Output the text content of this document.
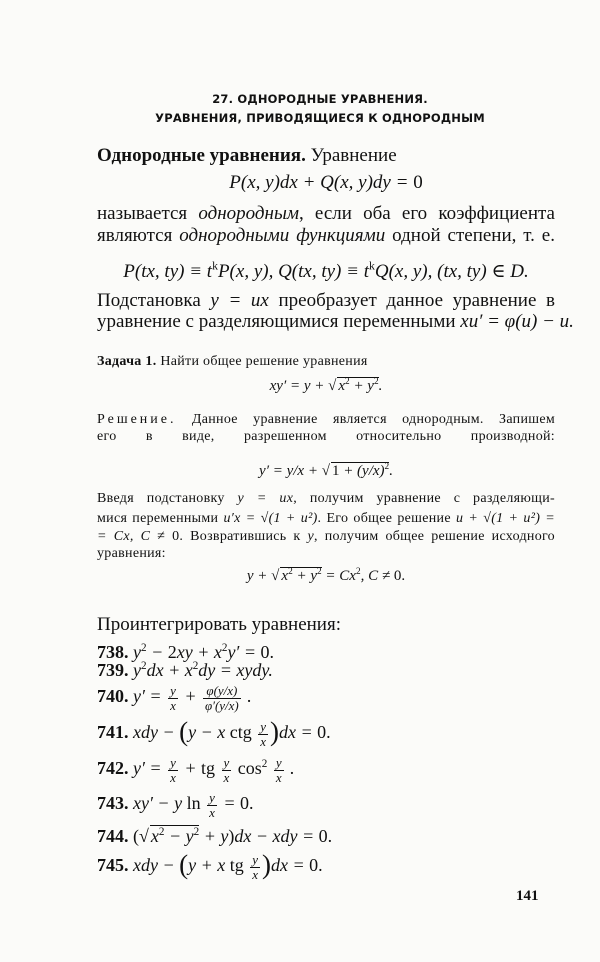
27. ОДНОРОДНЫЕ УРАВНЕНИЯ.
УРАВНЕНИЯ, ПРИВОДЯЩИЕСЯ К ОДНОРОДНЫМ
Однородные уравнения. Уравнение
P(x, y)dx + Q(x, y)dy = 0
называется однородным, если оба его коэффициента
являются однородными функциями одной степени, т. е.
P(tx, $ty) \equiv t^kP(x$, y), Q(tx, $ty) \equiv t^kQ(x$, y), (tx, ty) ∈ D.
Подстановка y = ux преобразует данное уравнение в
уравнение с разделяющимися переменными xu′ = φ(u) − u.
Задача 1. Найти общее решение уравнения
xy′ = y + √ $x^2 + y^2$.
Решение. Данное уравнение является однородным. Запишем
его в виде, разрешенном относительно производной:
y′ = y/x + √ $1 + (y/x)^2$.
Введя подстановку y = ux, получим уравнение с разделяющи-
мися переменными u′x = √(1 + u²). Его общее решение u + √(1 + u²) =
= Cx, C ≠ 0. Возвратившись к y, получим общее решение исходного
уравнения:
y + √ $x^2 + y^2 = Cx^2$, C ≠ 0.
Проинтегрировать уравнения:
738. $y^2 - 2xy + x^2y' = 0$.
739. $y^2dx + x^2dy$ = xydy.
740. $y' = \frac{y}{x} + \frac{\varphi(y/x)}{\varphi'(y/x)}$ .
741. xdy − (y − x ctg $\frac{y}{x} )dx = 0$.
742. $y' = \frac{y}{x}$ + tg $\frac{y}{x} \cos^2 \frac{y}{x}$ .
743. xy′ − y $\ln \frac{y}{x} = 0$.
744. (√ $x^2 - y^2 + y)dx$ − xdy = 0.
745. xdy − (y + x tg $\frac{y}{x} )dx = 0$.
141
